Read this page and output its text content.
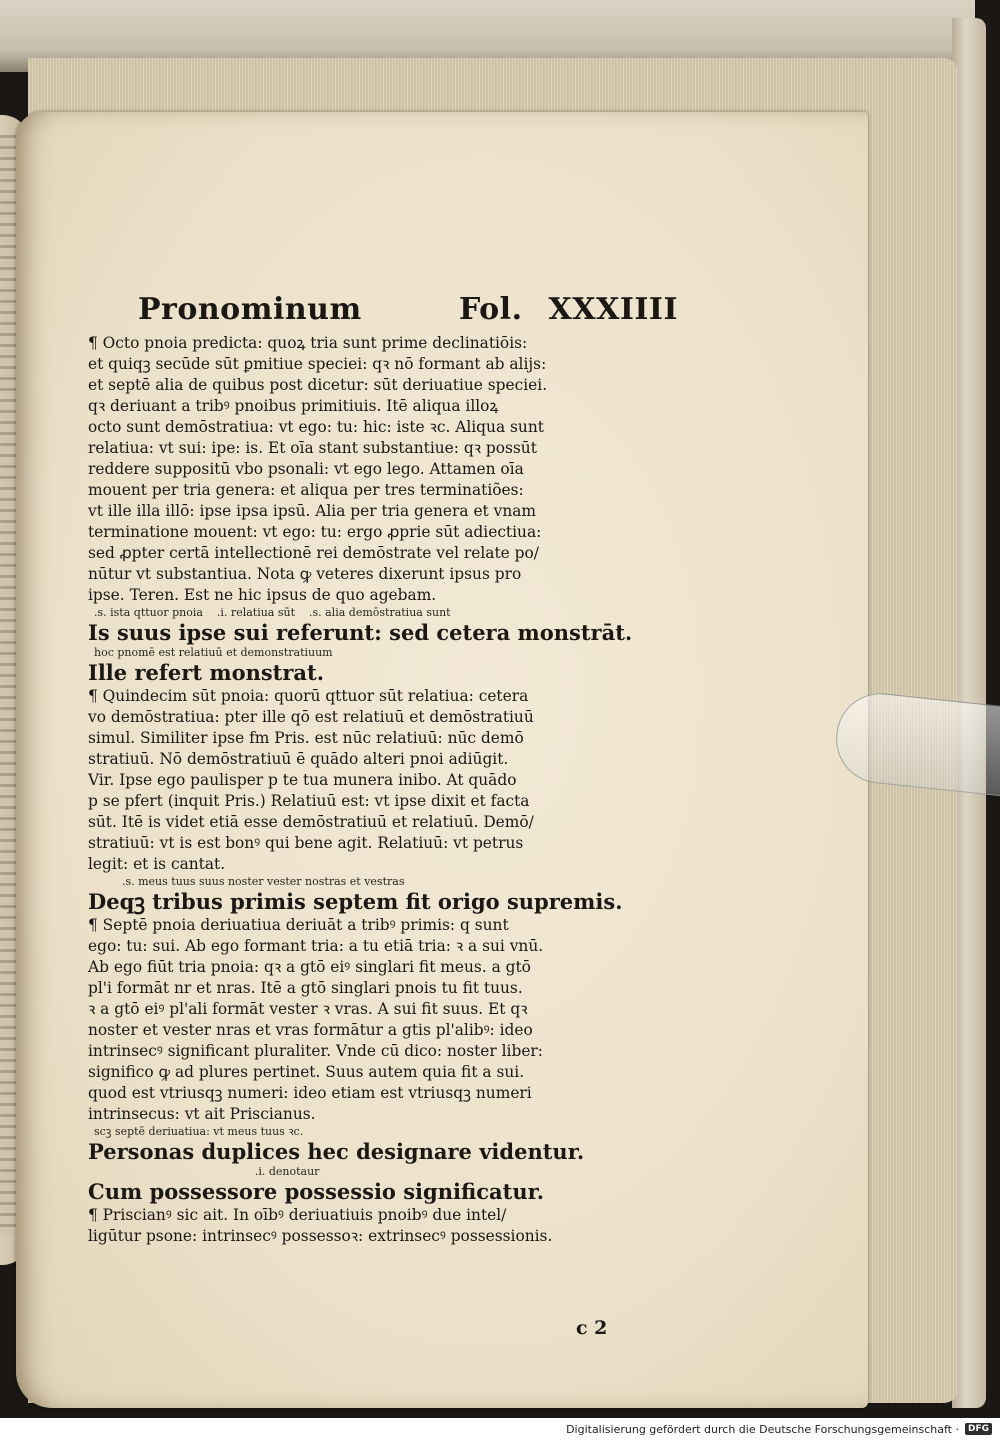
Pronominum	Fol. XXXIIII
¶ Octo pnoia predicta: quoꝝ tria sunt prime declinatiōis:
et quiqꝫ secūde sūt ꝑmitiue speciei: qꝛ nō formant ab alijs:
et septē alia de quibus post dicetur: sūt deriuatiue speciei.
qꝛ deriuant a tribꝰ pnoibus primitiuis. Itē aliqua illoꝝ
octo sunt demōstratiua: vt ego: tu: hic: iste ꝛc. Aliqua sunt
relatiua: vt sui: ipe: is. Et oīa stant substantiue: qꝛ possūt
reddere suppositū vbo psonali: vt ego lego. Attamen oīa
mouent per tria genera: et aliqua per tres terminatiões:
vt ille illa illō: ipse ipsa ipsū. Alia per tria genera et vnam
terminatione mouent: vt ego: tu: ergo ꝓprie sūt adiectiua:
sed ꝓpter certā intellectionē rei demōstrate vel relate po/
nūtur vt substantiua. Nota ꝙ veteres dixerunt ipsus pro
ipse. Teren. Est ne hic ipsus de quo agebam.
.s. ista qttuor pnoia    .i. relatiua sūt    .s. alia demōstratiua sunt
Is suus ipse sui referunt: sed cetera monstrāt.
hoc pnomē est relatiuū et demonstratiuum
Ille refert monstrat.
¶ Quindecim sūt pnoia: quorū qttuor sūt relatiua: cetera
vo demōstratiua: pter ille qō est relatiuū et demōstratiuū
simul. Similiter ipse fm Pris. est nūc relatiuū: nūc demō
stratiuū. Nō demōstratiuū ē quādo alteri pnoi adiūgit.
Vir. Ipse ego paulisper p te tua munera inibo. At quādo
p se pfert (inquit Pris.) Relatiuū est: vt ipse dixit et facta
sūt. Itē is videt etiā esse demōstratiuū et relatiuū. Demō/
stratiuū: vt is est bonꝰ qui bene agit. Relatiuū: vt petrus
legit: et is cantat.
.s. meus tuus suus noster vester nostras et vestras
Deqꝫ tribus primis septem fit origo supremis.
¶ Septē pnoia deriuatiua deriuāt a tribꝰ primis: q sunt
ego: tu: sui. Ab ego formant tria: a tu etiā tria: ꝛ a sui vnū.
Ab ego fiūt tria pnoia: qꝛ a gtō eiꝰ singlari fit meus. a gtō
pl'i formāt nr et nras. Itē a gtō singlari pnois tu fit tuus.
ꝛ a gtō eiꝰ pl'ali formāt vester ꝛ vras. A sui fit suus. Et qꝛ
noster et vester nras et vras formātur a gtis pl'alibꝰ: ideo
intrinsecꝰ significant pluraliter. Vnde cū dico: noster liber:
significo ꝙ ad plures pertinet. Suus autem quia fit a sui.
quod est vtriusqꝫ numeri: ideo etiam est vtriusqꝫ numeri
intrinsecus: vt ait Priscianus.
scꝫ septē deriuatiua: vt meus tuus ꝛc.
Personas duplices hec designare videntur.
.i. denotaur
Cum possessore possessio significatur.
¶ Priscianꝰ sic ait. In oībꝰ deriuatiuis pnoibꝰ due intel/
ligūtur psone: intrinsecꝰ possessoꝛ: extrinsecꝰ possessionis.
c 2
Digitalisierung gefördert durch die Deutsche Forschungsgemeinschaft ·	DFG
